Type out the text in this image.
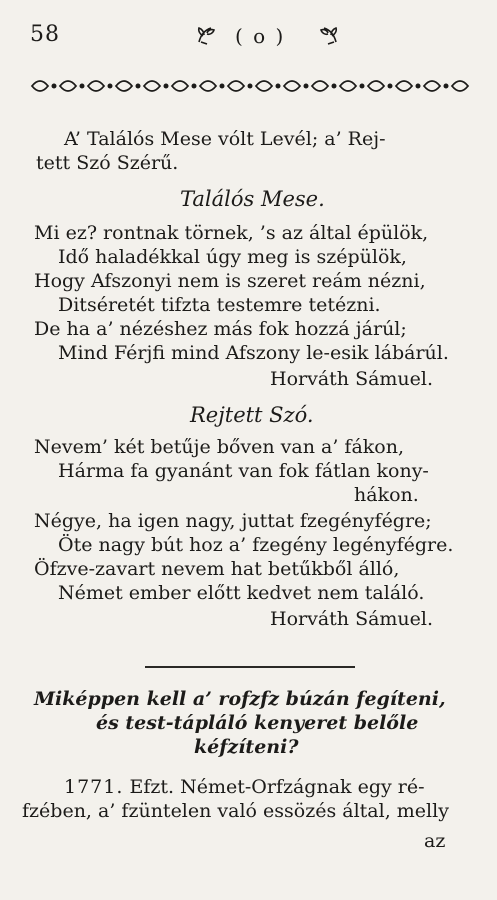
58	( o )
A’ Találós Mese vólt Levél; a’ Rej-
tett Szó Szérű.
Találós Mese.
Mi ez? rontnak törnek, ’s az által épülök,
Idő haladékkal úgy meg is szépülök,
Hogy Afszonyi nem is szeret reám nézni,
Ditséretét tifzta testemre tetézni.
De ha a’ nézéshez más fok hozzá járúl;
Mind Férjfi mind Afszony le-esik lábárúl.
Horváth Sámuel.
Rejtett Szó.
Nevem’ két betűje bőven van a’ fákon,
Hárma fa gyanánt van fok fátlan kony-
hákon.
Négye, ha igen nagy, juttat fzegényfégre;
Öte nagy bút hoz a’ fzegény legényfégre.
Öfzve-zavart nevem hat betűkből álló,
Német ember előtt kedvet nem találó.
Horváth Sámuel.
Miképpen kell a’ rofzfz búzán fegíteni,
és test-tápláló kenyeret belőle
kéfzíteni?
1771. Efzt. Német-Orfzágnak egy ré-
fzében, a’ fzüntelen való essözés által, melly
az
